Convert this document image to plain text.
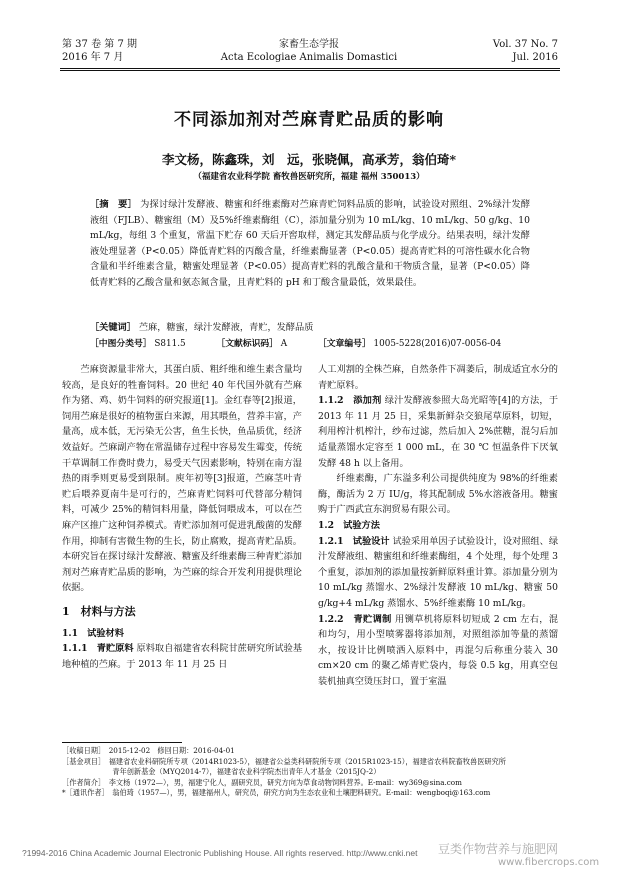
第 37 卷 第 7 期
2016 年 7 月
家畜生态学报
Acta Ecologiae Animalis Domastici
Vol. 37 No. 7
Jul. 2016
不同添加剂对苎麻青贮品质的影响
李文杨，陈鑫珠，刘　远，张晓佩，高承芳，翁伯琦*
（福建省农业科学院 畜牧兽医研究所，福建 福州 350013）
［摘　要］ 为探讨绿汁发酵液、糖蜜和纤维素酶对苎麻青贮饲料品质的影响，试验设对照组、2%绿汁发酵液组（FJLB）、糖蜜组（M）及5%纤维素酶组（C），添加量分别为 10 mL/kg、10 mL/kg、50 g/kg、10 mL/kg，每组 3 个重复，常温下贮存 60 天后开窖取样，测定其发酵品质与化学成分。结果表明，绿汁发酵液处理显著（P<0.05）降低青贮料的丙酸含量，纤维素酶显著（P<0.05）提高青贮料的可溶性碳水化合物含量和半纤维素含量，糖蜜处理显著（P<0.05）提高青贮料的乳酸含量和干物质含量，显著（P<0.05）降低青贮料的乙酸含量和氨态氮含量，且青贮料的 pH 和丁酸含量最低，效果最佳。
［关键词］ 苎麻，糖蜜，绿汁发酵液，青贮，发酵品质
［中图分类号］ S811.5	［文献标识码］ A	［文章编号］ 1005-5228(2016)07-0056-04

苎麻资源量非常大，其蛋白质、粗纤维和维生素含量均较高，是良好的牲畜饲料。20 世纪 40 年代国外就有苎麻作为猪、鸡、奶牛饲料的研究报道[1]。金红春等[2]报道，饲用苎麻是很好的植物蛋白来源，用其喂鱼，营养丰富，产量高，成本低，无污染无公害，鱼生长快，鱼品质优，经济效益好。苎麻副产物在常温储存过程中容易发生霉变，传统干草调制工作费时费力，易受天气因素影响，特别在南方湿热的雨季则更易受到限制。庾年初等[3]报道，苎麻茎叶青贮后喂养夏南牛是可行的，苎麻青贮饲料可代替部分精饲料，可减少 25%的精饲料用量，降低饲喂成本，可以在苎麻产区推广这种饲养模式。青贮添加剂可促进乳酸菌的发酵作用，抑制有害微生物的生长，防止腐败，提高青贮品质。本研究旨在探讨绿汁发酵液、糖蜜及纤维素酶三种青贮添加剂对苎麻青贮品质的影响，为苎麻的综合开发利用提供理论依据。

1　材料与方法
1.1　试验材料

1.1.1　青贮原料 原料取自福建省农科院甘蔗研究所试验基地种植的苎麻。于 2013 年 11 月 25 日

人工刈割的全株苎麻，自然条件下凋萎后，制成适宜水分的青贮原料。

1.1.2　添加剂 绿汁发酵液参照大岛光昭等[4]的方法，于 2013 年 11 月 25 日，采集新鲜杂交狼尾草原料，切短，利用榨汁机榨汁，纱布过滤，然后加入 2%蔗糖，混匀后加适量蒸馏水定容至 1 000 mL，在 30 ℃ 恒温条件下厌氧发酵 48 h 以上备用。

纤维素酶，广东溢多利公司提供纯度为 98%的纤维素酶，酶活为 2 万 IU/g，将其配制成 5%水溶液备用。糖蜜购于广西武宣东润贸易有限公司。

1.2　试验方法

1.2.1　试验设计 试验采用单因子试验设计，设对照组、绿汁发酵液组、糖蜜组和纤维素酶组，4 个处理，每个处理 3 个重复，添加剂的添加量按新鲜原料重计算。添加量分别为 10 mL/kg 蒸馏水、2%绿汁发酵液 10 mL/kg、糖蜜 50 g/kg+4 mL/kg 蒸馏水、5%纤维素酶 10 mL/kg。

1.2.2　青贮调制 用铡草机将原料切短成 2 cm 左右，混和均匀，用小型喷雾器将添加剂，对照组添加等量的蒸馏水，按设计比例喷洒入原料中，再混匀后称重分装入 30 cm×20 cm 的聚乙烯青贮袋内，每袋 0.5 kg，用真空包装机抽真空烫压封口，置于室温

［收稿日期］　2015-12-02　修回日期：2016-04-01
［基金项目］　福建省农业科研院所专项（2014R1023-5），福建省公益类科研院所专项（2015R1023-15），福建省农科院畜牧兽医研究所
　　　　　　　青年创新基金（MYQ2014-7），福建省农业科学院杰出青年人才基金（2015JQ-2）
［作者简介］　李文杨（1972—），男，福建宁化人，副研究员，研究方向为草食动物饲料营养。E-mail：wy369@sina.com
*［通讯作者］　翁伯琦（1957—），男，福建福州人，研究员，研究方向为生态农业和土壤肥料研究。E-mail：wengboqi@163.com
?1994-2016 China Academic Journal Electronic Publishing House. All rights reserved. http://www.cnki.net 豆类作物营养与施肥网
www.fibercrops.com
